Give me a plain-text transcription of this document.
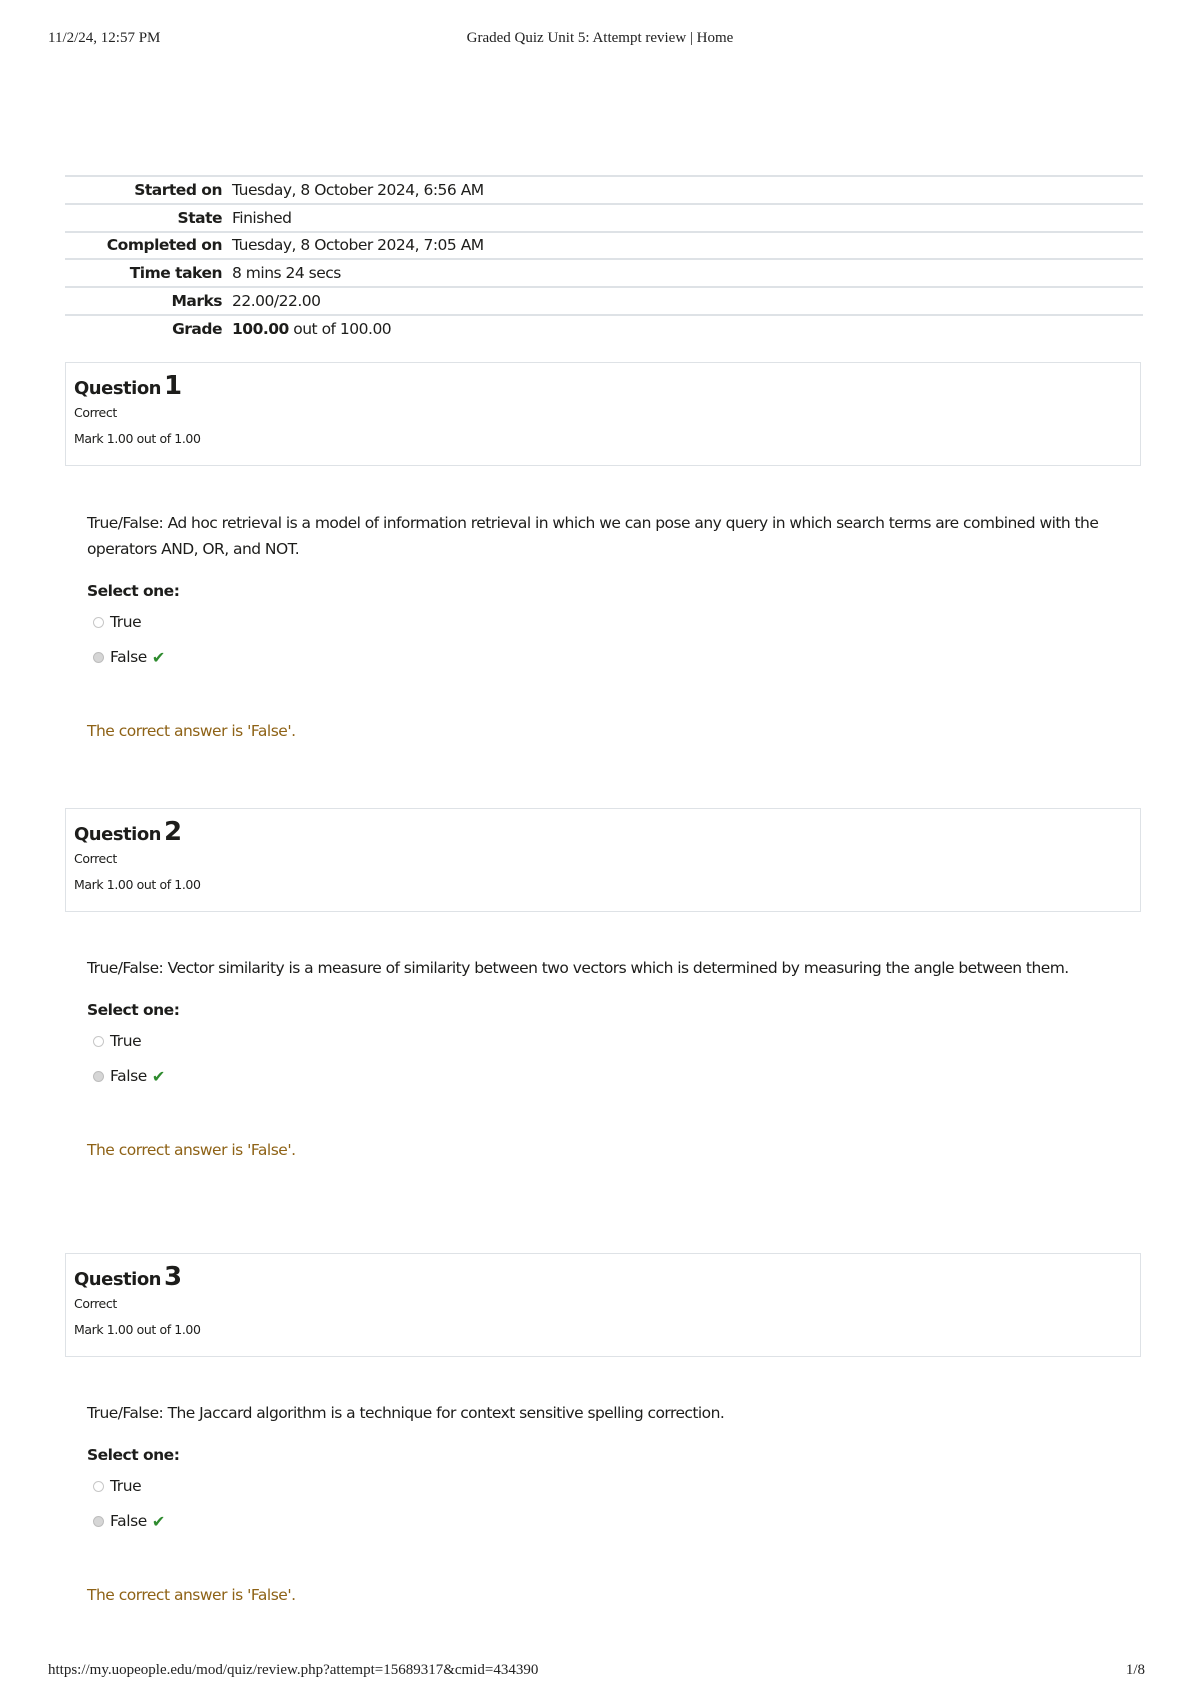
11/2/24, 12:57 PM	Graded Quiz Unit 5: Attempt review | Home
Started on	Tuesday, 8 October 2024, 6:56 AM
State	Finished
Completed on	Tuesday, 8 October 2024, 7:05 AM
Time taken	8 mins 24 secs
Marks	22.00/22.00
Grade	100.00 out of 100.00
Question 1
Correct
Mark 1.00 out of 1.00
True/False: Ad hoc retrieval is a model of information retrieval in which we can pose any query in which search terms are combined with the operators AND, OR, and NOT.
Select one:
True
False ✔
The correct answer is 'False'.
Question 2
Correct
Mark 1.00 out of 1.00
True/False: Vector similarity is a measure of similarity between two vectors which is determined by measuring the angle between them.
Select one:
True
False ✔
The correct answer is 'False'.
Question 3
Correct
Mark 1.00 out of 1.00
True/False: The Jaccard algorithm is a technique for context sensitive spelling correction.
Select one:
True
False ✔
The correct answer is 'False'.
https://my.uopeople.edu/mod/quiz/review.php?attempt=15689317&cmid=434390	1/8
